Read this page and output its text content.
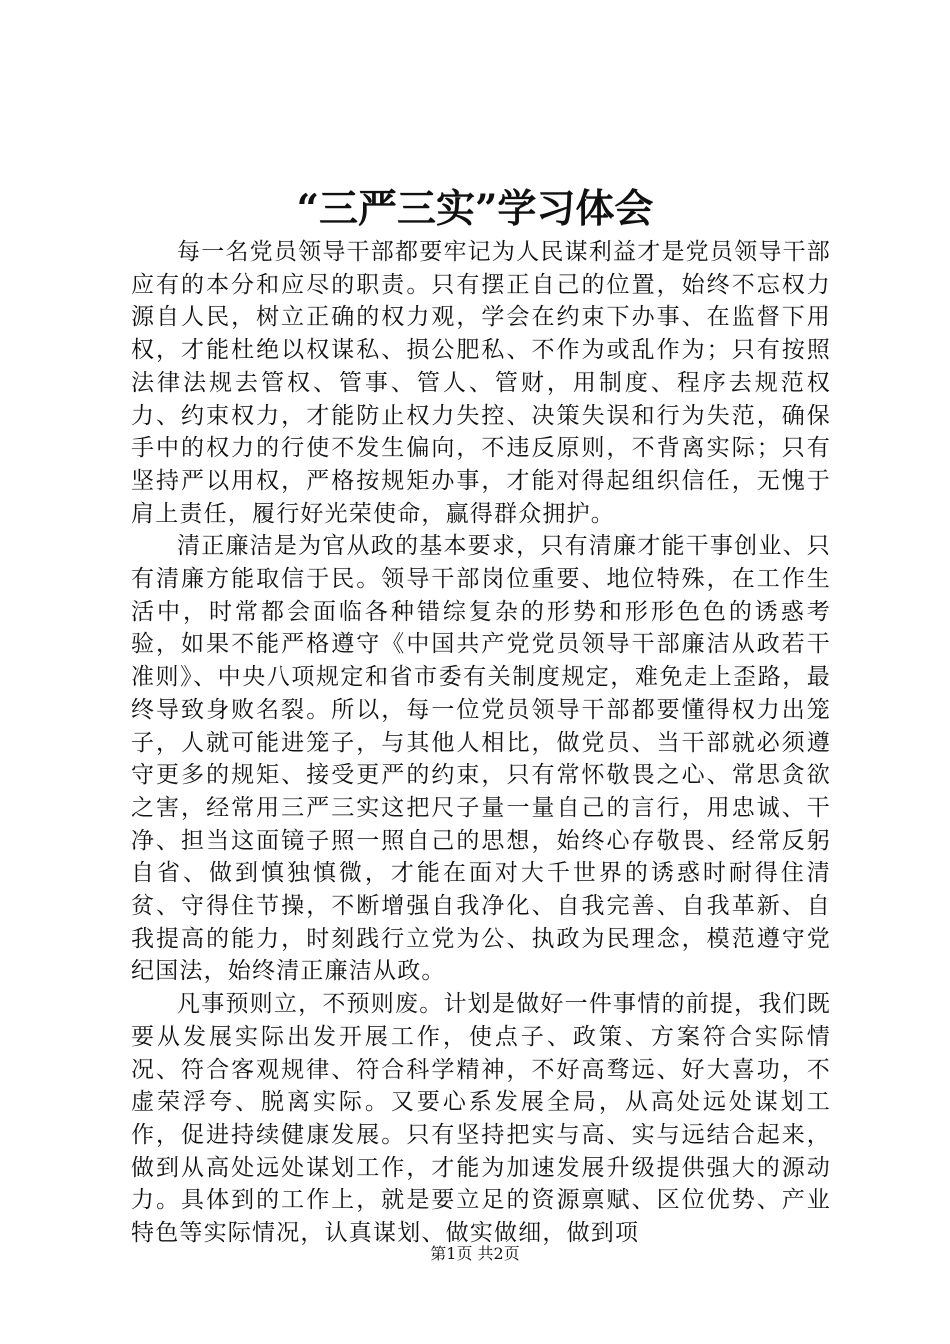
“三严三实”学习体会

每一名党员领导干部都要牢记为人民谋利益才是党员领导干部应有的本分和应尽的职责。只有摆正自己的位置，始终不忘权力源自人民，树立正确的权力观，学会在约束下办事、在监督下用权，才能杜绝以权谋私、损公肥私、不作为或乱作为；只有按照法律法规去管权、管事、管人、管财，用制度、程序去规范权力、约束权力，才能防止权力失控、决策失误和行为失范，确保手中的权力的行使不发生偏向，不违反原则，不背离实际；只有坚持严以用权，严格按规矩办事，才能对得起组织信任，无愧于肩上责任，履行好光荣使命，赢得群众拥护。

清正廉洁是为官从政的基本要求，只有清廉才能干事创业、只有清廉方能取信于民。领导干部岗位重要、地位特殊，在工作生活中，时常都会面临各种错综复杂的形势和形形色色的诱惑考验，如果不能严格遵守《中国共产党党员领导干部廉洁从政若干准则》、中央八项规定和省市委有关制度规定，难免走上歪路，最终导致身败名裂。所以，每一位党员领导干部都要懂得权力出笼子，人就可能进笼子，与其他人相比，做党员、当干部就必须遵守更多的规矩、接受更严的约束，只有常怀敬畏之心、常思贪欲之害，经常用三严三实这把尺子量一量自己的言行，用忠诚、干净、担当这面镜子照一照自己的思想，始终心存敬畏、经常反躬自省、做到慎独慎微，才能在面对大千世界的诱惑时耐得住清贫、守得住节操，不断增强自我净化、自我完善、自我革新、自我提高的能力，时刻践行立党为公、执政为民理念，模范遵守党纪国法，始终清正廉洁从政。

凡事预则立，不预则废。计划是做好一件事情的前提，我们既要从发展实际出发开展工作，使点子、政策、方案符合实际情况、符合客观规律、符合科学精神，不好高骛远、好大喜功，不虚荣浮夸、脱离实际。又要心系发展全局，从高处远处谋划工作，促进持续健康发展。只有坚持把实与高、实与远结合起来，做到从高处远处谋划工作，才能为加速发展升级提供强大的源动力。具体到的工作上，就是要立足的资源禀赋、区位优势、产业特色等实际情况，认真谋划、做实做细，做到项

第1页 共2页
